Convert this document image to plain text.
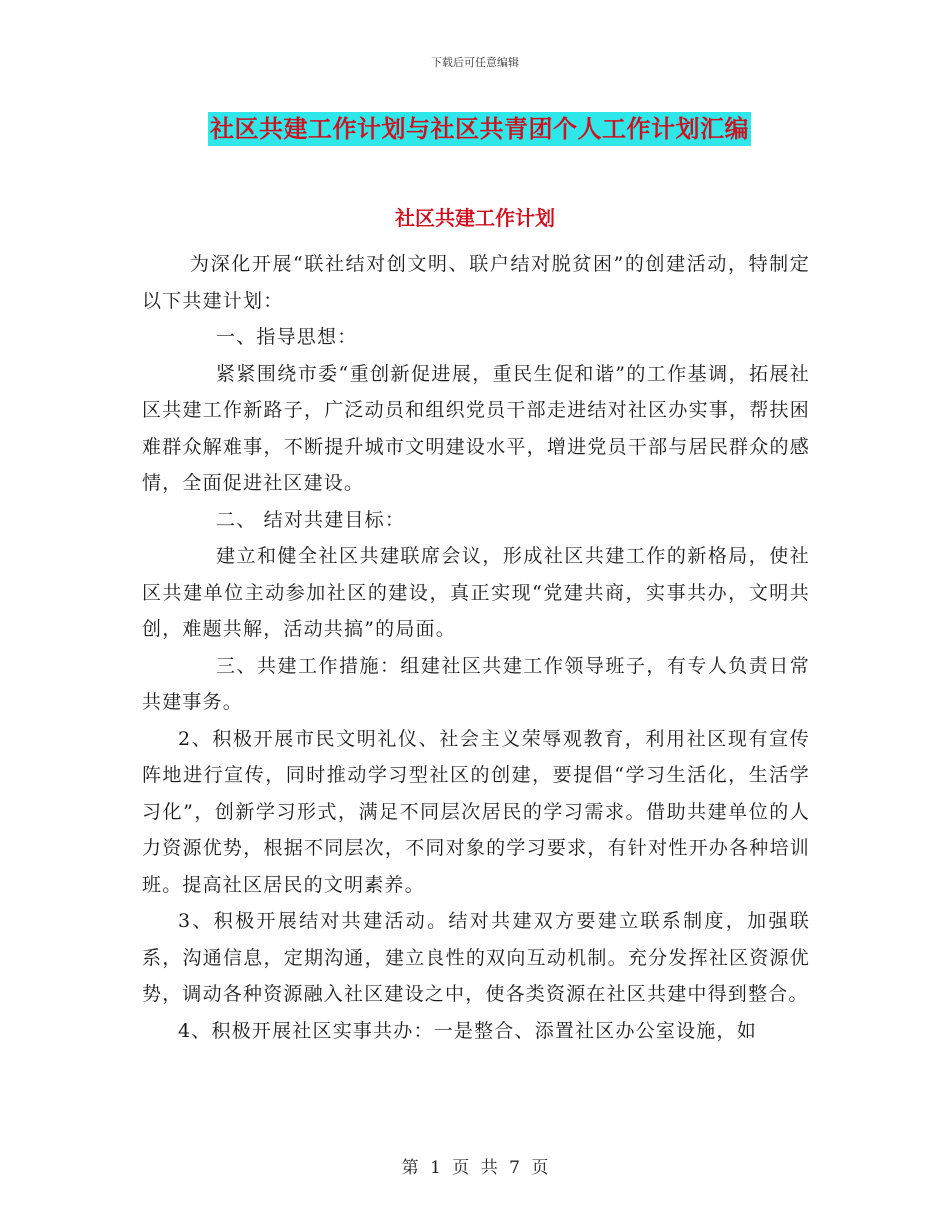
下载后可任意编辑
社区共建工作计划与社区共青团个人工作计划汇编
社区共建工作计划

为深化开展“联社结对创文明、联户结对脱贫困”的创建活动，特制定以下共建计划：

一、指导思想：

紧紧围绕市委“重创新促进展，重民生促和谐”的工作基调，拓展社区共建工作新路子，广泛动员和组织党员干部走进结对社区办实事，帮扶困难群众解难事，不断提升城市文明建设水平，增进党员干部与居民群众的感情，全面促进社区建设。

二、 结对共建目标：

建立和健全社区共建联席会议，形成社区共建工作的新格局，使社区共建单位主动参加社区的建设，真正实现“党建共商，实事共办，文明共创，难题共解，活动共搞”的局面。

三、共建工作措施：组建社区共建工作领导班子，有专人负责日常共建事务。

2、积极开展市民文明礼仪、社会主义荣辱观教育，利用社区现有宣传阵地进行宣传，同时推动学习型社区的创建，要提倡“学习生活化，生活学习化”，创新学习形式，满足不同层次居民的学习需求。借助共建单位的人力资源优势，根据不同层次，不同对象的学习要求，有针对性开办各种培训班。提高社区居民的文明素养。

3、积极开展结对共建活动。结对共建双方要建立联系制度，加强联系，沟通信息，定期沟通，建立良性的双向互动机制。充分发挥社区资源优势，调动各种资源融入社区建设之中，使各类资源在社区共建中得到整合。

4、积极开展社区实事共办：一是整合、添置社区办公室设施，如

第 1 页 共 7 页
